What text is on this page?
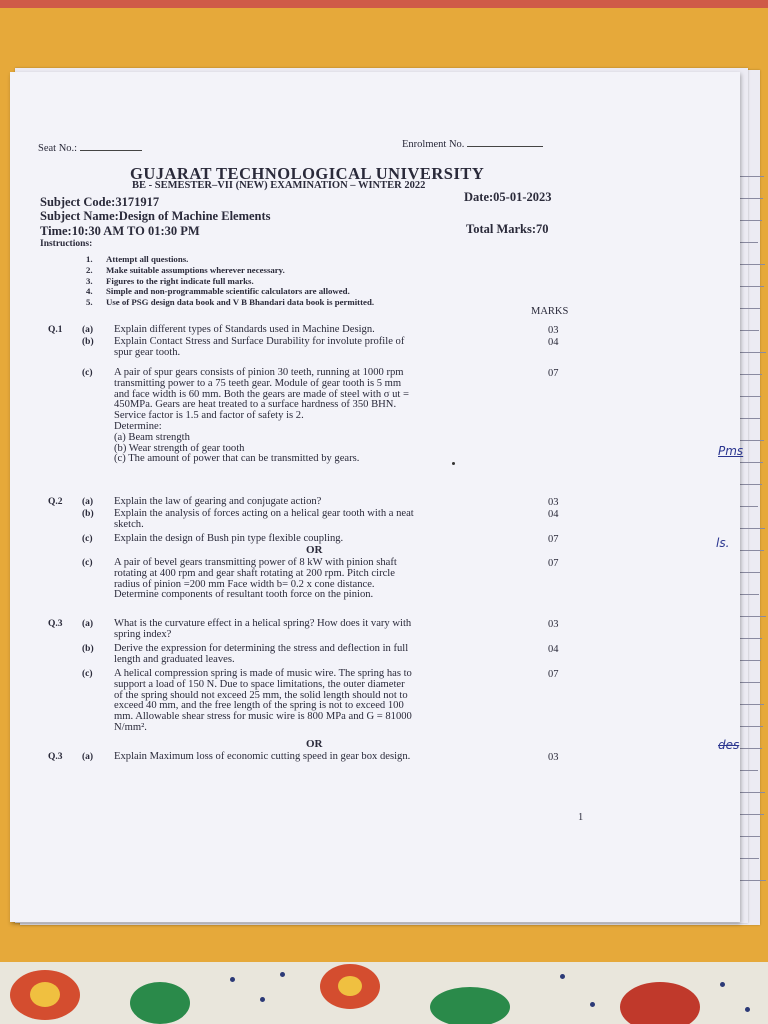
Seat No.:	Enrolment No.
GUJARAT TECHNOLOGICAL UNIVERSITY
BE - SEMESTER–VII (NEW) EXAMINATION – WINTER 2022
Subject Code:3171917	Date:05-01-2023
Subject Name:Design of Machine Elements
Time:10:30 AM TO 01:30 PM	Total Marks:70
Instructions:
1. Attempt all questions.
2. Make suitable assumptions wherever necessary.
3. Figures to the right indicate full marks.
4. Simple and non-programmable scientific calculators are allowed.
5. Use of PSG design data book and V B Bhandari data book is permitted.
MARKS
Q.1 (a) Explain different types of Standards used in Machine Design.	03
(b) Explain Contact Stress and Surface Durability for involute profile of
spur gear tooth.
04
(c) A pair of spur gears consists of pinion 30 teeth, running at 1000 rpm
transmitting power to a 75 teeth gear. Module of gear tooth is 5 mm
and face width is 60 mm. Both the gears are made of steel with σ ut =
450MPa. Gears are heat treated to a surface hardness of 350 BHN.
Service factor is 1.5 and factor of safety is 2.
Determine:
(a) Beam strength
(b) Wear strength of gear tooth
(c) The amount of power that can be transmitted by gears.
07
Q.2 (a) Explain the law of gearing and conjugate action?	03
(b) Explain the analysis of forces acting on a helical gear tooth with a neat
sketch.
04
(c) Explain the design of Bush pin type flexible coupling.	07
OR
(c) A pair of bevel gears transmitting power of 8 kW with pinion shaft
rotating at 400 rpm and gear shaft rotating at 200 rpm. Pitch circle
radius of pinion =200 mm Face width b= 0.2 x cone distance.
Determine components of resultant tooth force on the pinion.
07
Q.3 (a) What is the curvature effect in a helical spring? How does it vary with
spring index?
03
(b) Derive the expression for determining the stress and deflection in full
length and graduated leaves.
04
(c) A helical compression spring is made of music wire. The spring has to
support a load of 150 N. Due to space limitations, the outer diameter
of the spring should not exceed 25 mm, the solid length should not to
exceed 40 mm, and the free length of the spring is not to exceed 100
mm. Allowable shear stress for music wire is 800 MPa and G = 81000
N/mm².
07
OR
Q.3 (a) Explain Maximum loss of economic cutting speed in gear box design.	03
1
Pms
ls.
des
